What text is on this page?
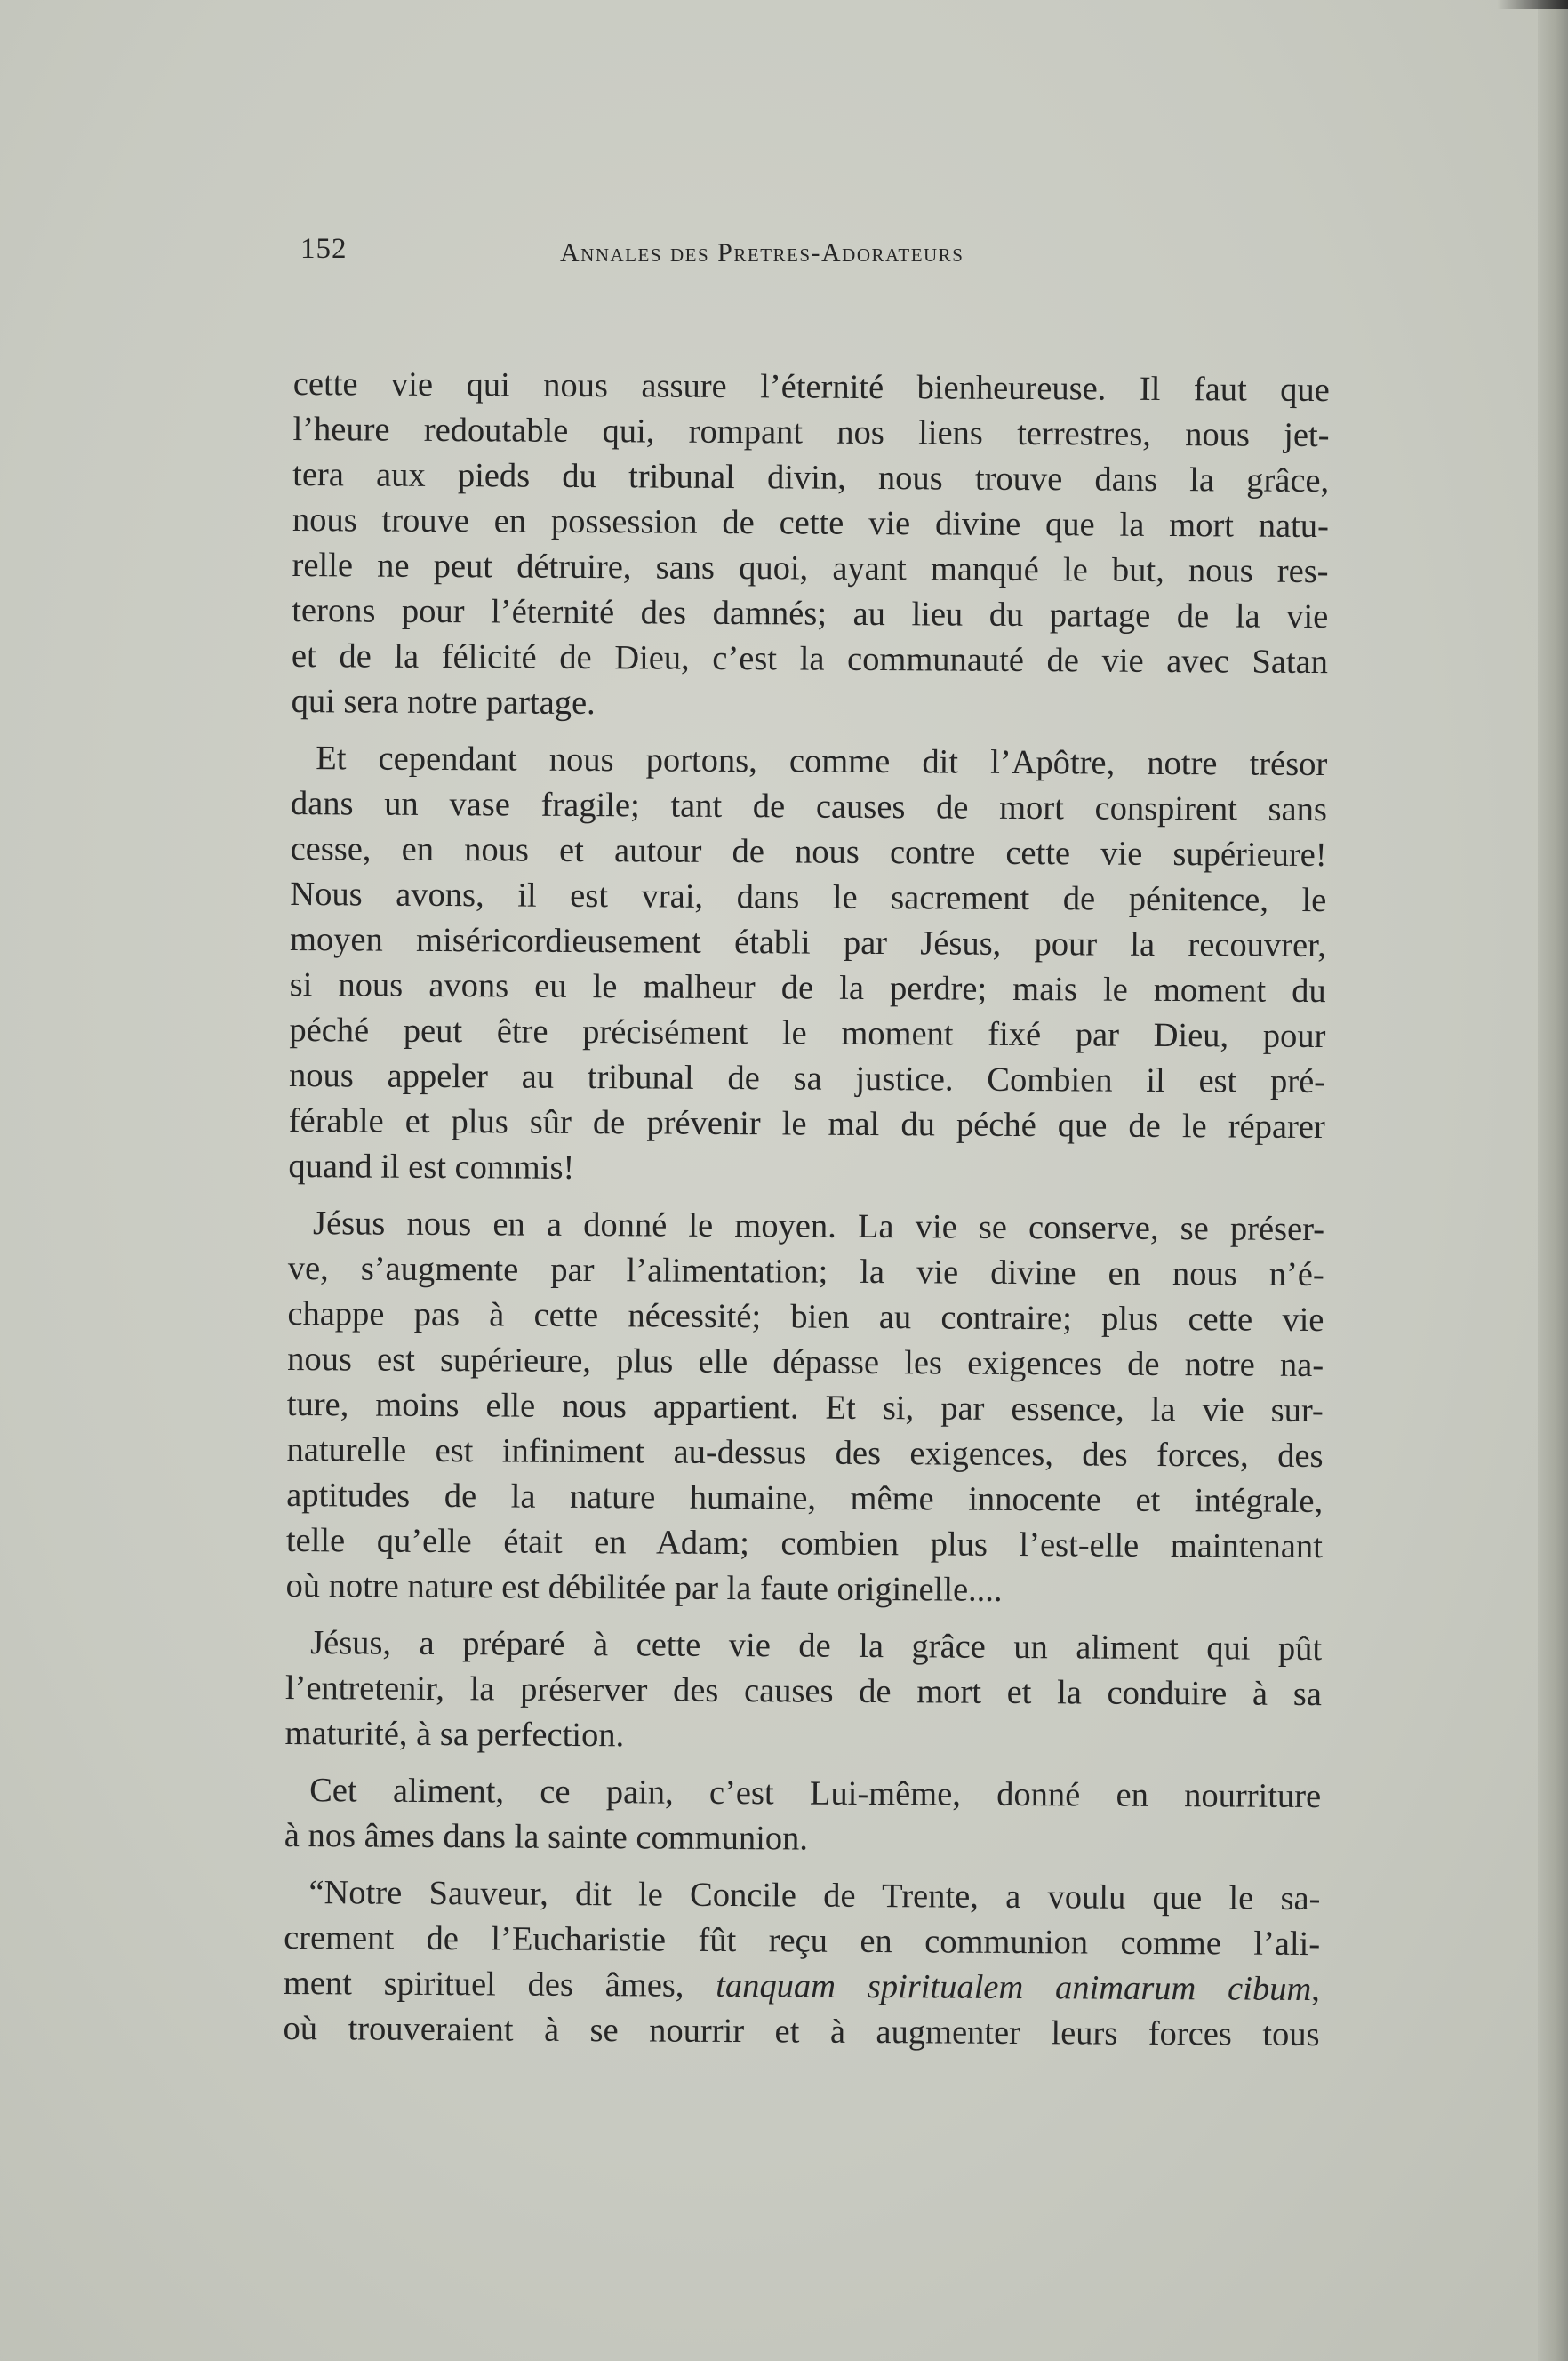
152	Annales des Pretres-Adorateurs
cette vie qui nous assure l’éternité bienheureuse. Il faut que
l’heure redoutable qui, rompant nos liens terrestres, nous jet-
tera aux pieds du tribunal divin, nous trouve dans la grâce,
nous trouve en possession de cette vie divine que la mort natu-
relle ne peut détruire, sans quoi, ayant manqué le but, nous res-
terons pour l’éternité des damnés; au lieu du partage de la vie
et de la félicité de Dieu, c’est la communauté de vie avec Satan
qui sera notre partage.
Et cependant nous portons, comme dit l’Apôtre, notre trésor
dans un vase fragile; tant de causes de mort conspirent sans
cesse, en nous et autour de nous contre cette vie supérieure!
Nous avons, il est vrai, dans le sacrement de pénitence, le
moyen miséricordieusement établi par Jésus, pour la recouvrer,
si nous avons eu le malheur de la perdre; mais le moment du
péché peut être précisément le moment fixé par Dieu, pour
nous appeler au tribunal de sa justice. Combien il est pré-
férable et plus sûr de prévenir le mal du péché que de le réparer
quand il est commis!
Jésus nous en a donné le moyen. La vie se conserve, se préser-
ve, s’augmente par l’alimentation; la vie divine en nous n’é-
chappe pas à cette nécessité; bien au contraire; plus cette vie
nous est supérieure, plus elle dépasse les exigences de notre na-
ture, moins elle nous appartient. Et si, par essence, la vie sur-
naturelle est infiniment au-dessus des exigences, des forces, des
aptitudes de la nature humaine, même innocente et intégrale,
telle qu’elle était en Adam; combien plus l’est-elle maintenant
où notre nature est débilitée par la faute originelle....
Jésus, a préparé à cette vie de la grâce un aliment qui pût
l’entretenir, la préserver des causes de mort et la conduire à sa
maturité, à sa perfection.
Cet aliment, ce pain, c’est Lui-même, donné en nourriture
à nos âmes dans la sainte communion.
“Notre Sauveur, dit le Concile de Trente, a voulu que le sa-
crement de l’Eucharistie fût reçu en communion comme l’ali-
ment spirituel des âmes, tanquam spiritualem animarum cibum,
où trouveraient à se nourrir et à augmenter leurs forces tous
